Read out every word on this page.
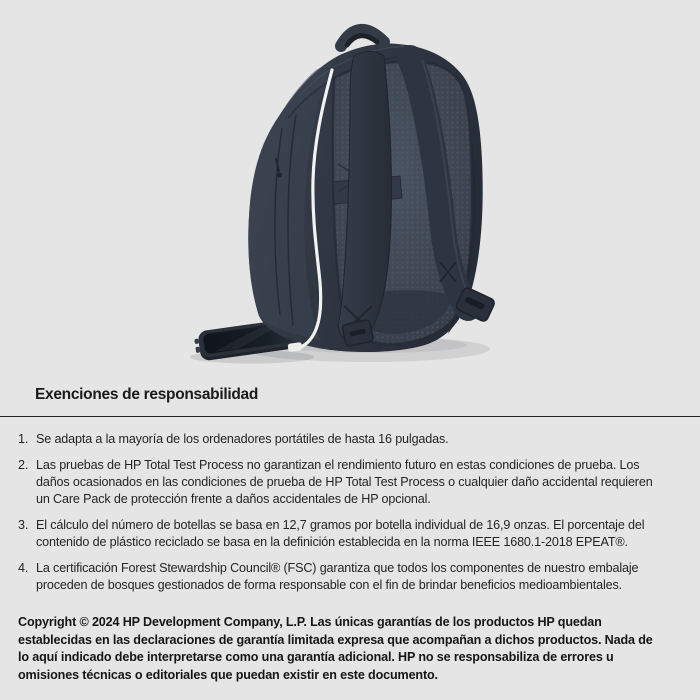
Exenciones de responsabilidad
1. Se adapta a la mayoría de los ordenadores portátiles de hasta 16 pulgadas.
2. Las pruebas de HP Total Test Process no garantizan el rendimiento futuro en estas condiciones de prueba. Los daños ocasionados en las condiciones de prueba de HP Total Test Process o cualquier daño accidental requieren un Care Pack de protección frente a daños accidentales de HP opcional.
3. El cálculo del número de botellas se basa en 12,7 gramos por botella individual de 16,9 onzas. El porcentaje del contenido de plástico reciclado se basa en la definición establecida en la norma IEEE 1680.1-2018 EPEAT®.
4. La certificación Forest Stewardship Council® (FSC) garantiza que todos los componentes de nuestro embalaje proceden de bosques gestionados de forma responsable con el fin de brindar beneficios medioambientales.

Copyright © 2024 HP Development Company, L.P. Las únicas garantías de los productos HP quedan establecidas en las declaraciones de garantía limitada expresa que acompañan a dichos productos. Nada de lo aquí indicado debe interpretarse como una garantía adicional. HP no se responsabiliza de errores u omisiones técnicas o editoriales que puedan existir en este documento.
